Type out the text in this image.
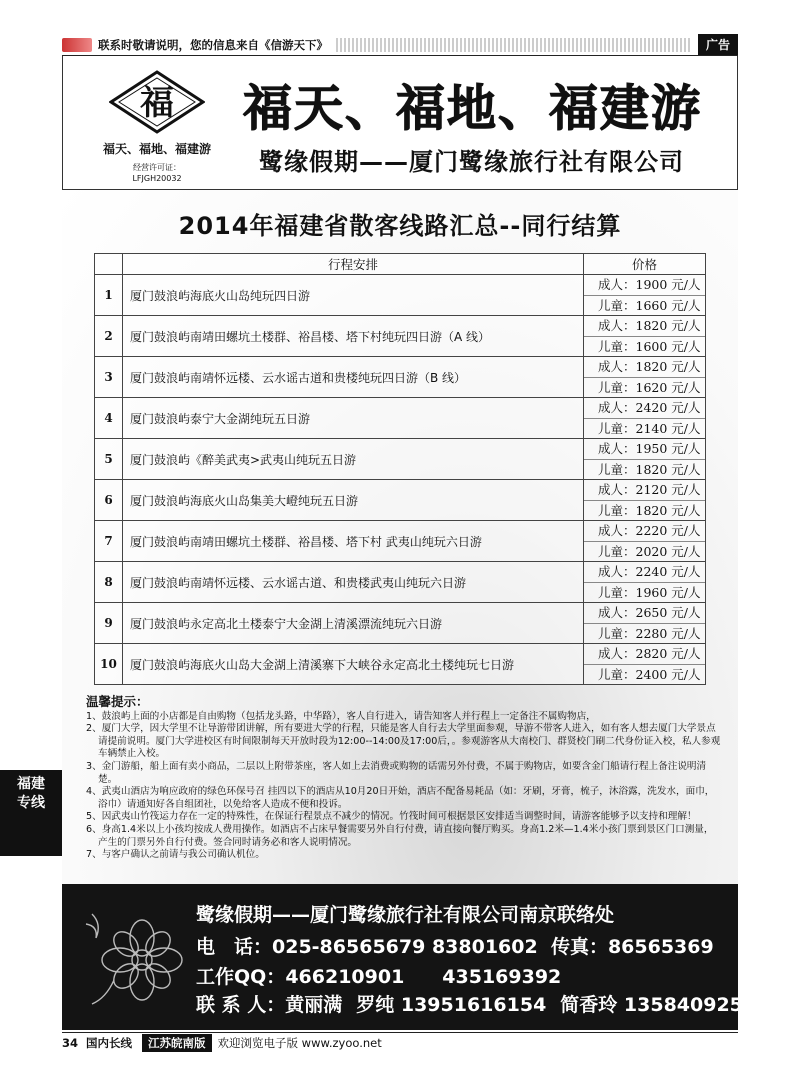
联系时敬请说明，您的信息来自《信游天下》	广告
福
福天、福地、福建游
经营许可证：
LFJGH20032
福天、福地、福建游
鹭缘假期——厦门鹭缘旅行社有限公司
2014年福建省散客线路汇总--同行结算
	行程安排	价格
1	厦门鼓浪屿海底火山岛纯玩四日游	成人：1900 元/人
儿童：1660 元/人

2	厦门鼓浪屿南靖田螺坑土楼群、裕昌楼、塔下村纯玩四日游（A 线）	成人：1820 元/人
儿童：1600 元/人

3	厦门鼓浪屿南靖怀远楼、云水谣古道和贵楼纯玩四日游（B 线）	成人：1820 元/人
儿童：1620 元/人

4	厦门鼓浪屿泰宁大金湖纯玩五日游	成人：2420 元/人
儿童：2140 元/人

5	厦门鼓浪屿《醉美武夷>武夷山纯玩五日游	成人：1950 元/人
儿童：1820 元/人

6	厦门鼓浪屿海底火山岛集美大嶝纯玩五日游	成人：2120 元/人
儿童：1820 元/人

7	厦门鼓浪屿南靖田螺坑土楼群、裕昌楼、塔下村 武夷山纯玩六日游	成人：2220 元/人
儿童：2020 元/人

8	厦门鼓浪屿南靖怀远楼、云水谣古道、和贵楼武夷山纯玩六日游	成人：2240 元/人
儿童：1960 元/人

9	厦门鼓浪屿永定高北土楼泰宁大金湖上清溪漂流纯玩六日游	成人：2650 元/人
儿童：2280 元/人

10	厦门鼓浪屿海底火山岛大金湖上清溪寨下大峡谷永定高北土楼纯玩七日游	成人：2820 元/人
儿童：2400 元/人
温馨提示：

1、鼓浪屿上面的小店都是自由购物（包括龙头路，中华路），客人自行进入，请告知客人并行程上一定备注不属购物店，

2、厦门大学，因大学里不让导游带团讲解，所有要进大学的行程，只能是客人自行去大学里面参观，导游不带客人进入，如有客人想去厦门大学景点请提前说明。厦门大学进校区有时间限制每天开放时段为12:00--14:00及17:00后，。参观游客从大南校门、群贤校门刷二代身份证入校，私人参观车辆禁止入校。

3、金门游船，船上面有卖小商品，二层以上附带茶座，客人如上去消费或购物的话需另外付费，不属于购物店，如要含金门船请行程上备注说明清楚。

4、武夷山酒店为响应政府的绿色环保号召 挂四以下的酒店从10月20日开始，酒店不配备易耗品（如：牙刷，牙膏，梳子，沐浴露，洗发水，面巾，浴巾）请通知好各自组团社，以免给客人造成不便和投诉。

5、因武夷山竹筏运力存在一定的特殊性，在保证行程景点不减少的情况。竹筏时间可根据景区安排适当调整时间，请游客能够予以支持和理解！

6、身高1.4米以上小孩均按成人费用操作。如酒店不占床早餐需要另外自行付费，请直接向餐厅购买。身高1.2米—1.4米小孩门票到景区门口测量，产生的门票另外自行付费。签合同时请务必和客人说明情况。

7、与客户确认之前请与我公司确认机位。

福建
专线
鹭缘假期——厦门鹭缘旅行社有限公司南京联络处
电　话：025-86565679 83801602 传真：86565369
工作QQ：466210901　　435169392
联 系 人：黄丽满 罗纯 13951616154 简香玲 13584092511
34 国内长线	江苏皖南版	欢迎浏览电子版 www.zyoo.net
